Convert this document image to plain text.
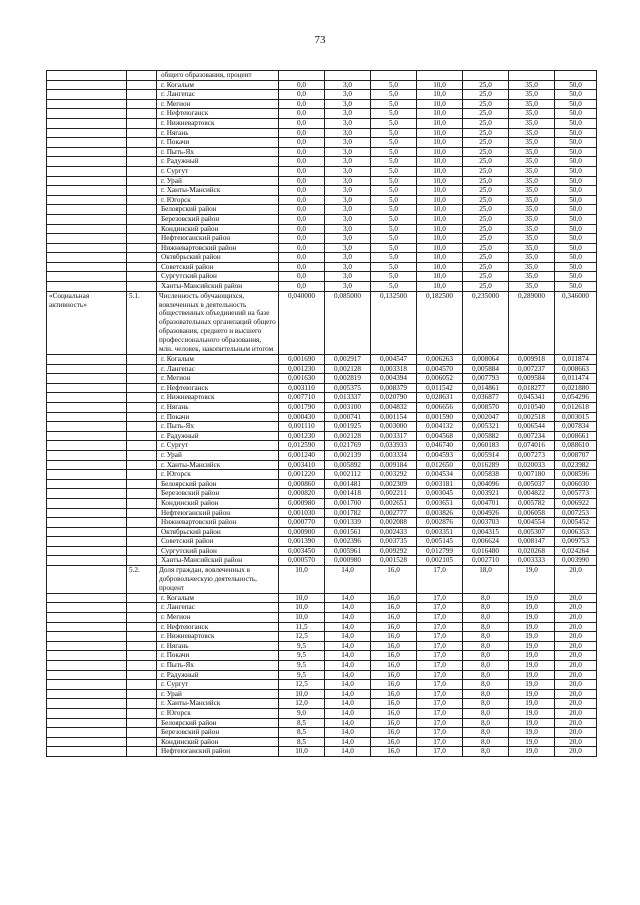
73
		общего образования, процент							
		г. Когалым	0,0	3,0	5,0	10,0	25,0	35,0	50,0
		г. Лангепас	0,0	3,0	5,0	10,0	25,0	35,0	50,0
		г. Мегион	0,0	3,0	5,0	10,0	25,0	35,0	50,0
		г. Нефтеюганск	0,0	3,0	5,0	10,0	25,0	35,0	50,0
		г. Нижневартовск	0,0	3,0	5,0	10,0	25,0	35,0	50,0
		г. Нягань	0,0	3,0	5,0	10,0	25,0	35,0	50,0
		г. Покачи	0,0	3,0	5,0	10,0	25,0	35,0	50,0
		г. Пыть-Ях	0,0	3,0	5,0	10,0	25,0	35,0	50,0
		г. Радужный	0,0	3,0	5,0	10,0	25,0	35,0	50,0
		г. Сургут	0,0	3,0	5,0	10,0	25,0	35,0	50,0
		г. Урай	0,0	3,0	5,0	10,0	25,0	35,0	50,0
		г. Ханты-Мансийск	0,0	3,0	5,0	10,0	25,0	35,0	50,0
		г. Югорск	0,0	3,0	5,0	10,0	25,0	35,0	50,0
		Белоярский район	0,0	3,0	5,0	10,0	25,0	35,0	50,0
		Березовский район	0,0	3,0	5,0	10,0	25,0	35,0	50,0
		Кондинский район	0,0	3,0	5,0	10,0	25,0	35,0	50,0
		Нефтеюганский район	0,0	3,0	5,0	10,0	25,0	35,0	50,0
		Нижневартовский район	0,0	3,0	5,0	10,0	25,0	35,0	50,0
		Октябрьский район	0,0	3,0	5,0	10,0	25,0	35,0	50,0
		Советский район	0,0	3,0	5,0	10,0	25,0	35,0	50,0
		Сургутский район	0,0	3,0	5,0	10,0	25,0	35,0	50,0
		Ханты-Мансийский район	0,0	3,0	5,0	10,0	25,0	35,0	50,0
«Социальная активность»	5.1.	Численность обучающихся, вовлеченных в деятельность общественных объединений на базе образовательных организаций общего образования, среднего и высшего профессионального образования, млн. человек, накопительным итогом	0,040000	0,085000	0,132500	0,182500	0,235000	0,289000	0,346000
		г. Когалым	0,001690	0,002917	0,004547	0,006263	0,008064	0,009918	0,011874
		г. Лангепас	0,001230	0,002128	0,003318	0,004570	0,005884	0,007237	0,008663
		г. Мегион	0,001630	0,002819	0,004394	0,006052	0,007793	0,009584	0,011474
		г. Нефтеюганск	0,003110	0,005375	0,008379	0,011542	0,014861	0,018277	0,021880
		г. Нижневартовск	0,007710	0,013337	0,020790	0,028631	0,036877	0,045341	0,054296
		г. Нягань	0,001790	0,003100	0,004832	0,006656	0,008570	0,010540	0,012618
		г. Покачи	0,000430	0,000741	0,001154	0,001590	0,002047	0,002518	0,003015
		г. Пыть-Ях	0,001110	0,001925	0,003000	0,004132	0,005321	0,006544	0,007834
		г. Радужный	0,001230	0,002128	0,003317	0,004568	0,005882	0,007234	0,008661
		г. Сургут	0,012590	0,021769	0,033933	0,046740	0,060183	0,074016	0,088610
		г. Урай	0,001240	0,002139	0,003334	0,004593	0,005914	0,007273	0,008707
		г. Ханты-Мансийск	0,003410	0,005892	0,009184	0,012650	0,016289	0,020033	0,023982
		г. Югорск	0,001220	0,002112	0,003292	0,004534	0,005838	0,007180	0,008596
		Белоярский район	0,000860	0,001481	0,002309	0,003181	0,004096	0,005037	0,006030
		Березовский район	0,000820	0,001418	0,002211	0,003045	0,003921	0,004822	0,005773
		Кондинский район	0,000980	0,001700	0,002651	0,003651	0,004701	0,005782	0,006922
		Нефтеюганский район	0,001030	0,001782	0,002777	0,003826	0,004926	0,006058	0,007253
		Нижневартовский район	0,000770	0,001339	0,002088	0,002876	0,003703	0,004554	0,005452
		Октябрьский район	0,000900	0,001561	0,002433	0,003351	0,004315	0,005307	0,006353
		Советский район	0,001390	0,002396	0,003735	0,005145	0,006624	0,008147	0,009753
		Сургутский район	0,003450	0,005961	0,009292	0,012799	0,016480	0,020268	0,024264
		Ханты-Мансийский район	0,000570	0,000980	0,001528	0,002105	0,002710	0,003333	0,003990
	5.2.	Доля граждан, вовлеченных в добровольческую деятельность, процент	10,0	14,0	16,0	17,0	18,0	19,0	20,0
		г. Когалым	10,0	14,0	16,0	17,0	8,0	19,0	20,0
		г. Лангепас	10,0	14,0	16,0	17,0	8,0	19,0	20,0
		г. Мегион	10,0	14,0	16,0	17,0	8,0	19,0	20,0
		г. Нефтеюганск	11,5	14,0	16,0	17,0	8,0	19,0	20,0
		г. Нижневартовск	12,5	14,0	16,0	17,0	8,0	19,0	20,0
		г. Нягань	9,5	14,0	16,0	17,0	8,0	19,0	20,0
		г. Покачи	9,5	14,0	16,0	17,0	8,0	19,0	20,0
		г. Пыть-Ях	9,5	14,0	16,0	17,0	8,0	19,0	20,0
		г. Радужный	9,5	14,0	16,0	17,0	8,0	19,0	20,0
		г. Сургут	12,5	14,0	16,0	17,0	8,0	19,0	20,0
		г. Урай	10,0	14,0	16,0	17,0	8,0	19,0	20,0
		г. Ханты-Мансийск	12,0	14,0	16,0	17,0	8,0	19,0	20,0
		г. Югорск	9,0	14,0	16,0	17,0	8,0	19,0	20,0
		Белоярский район	8,5	14,0	16,0	17,0	8,0	19,0	20,0
		Березовский район	8,5	14,0	16,0	17,0	8,0	19,0	20,0
		Кондинский район	8,5	14,0	16,0	17,0	8,0	19,0	20,0
		Нефтеюганский район	10,0	14,0	16,0	17,0	8,0	19,0	20,0
